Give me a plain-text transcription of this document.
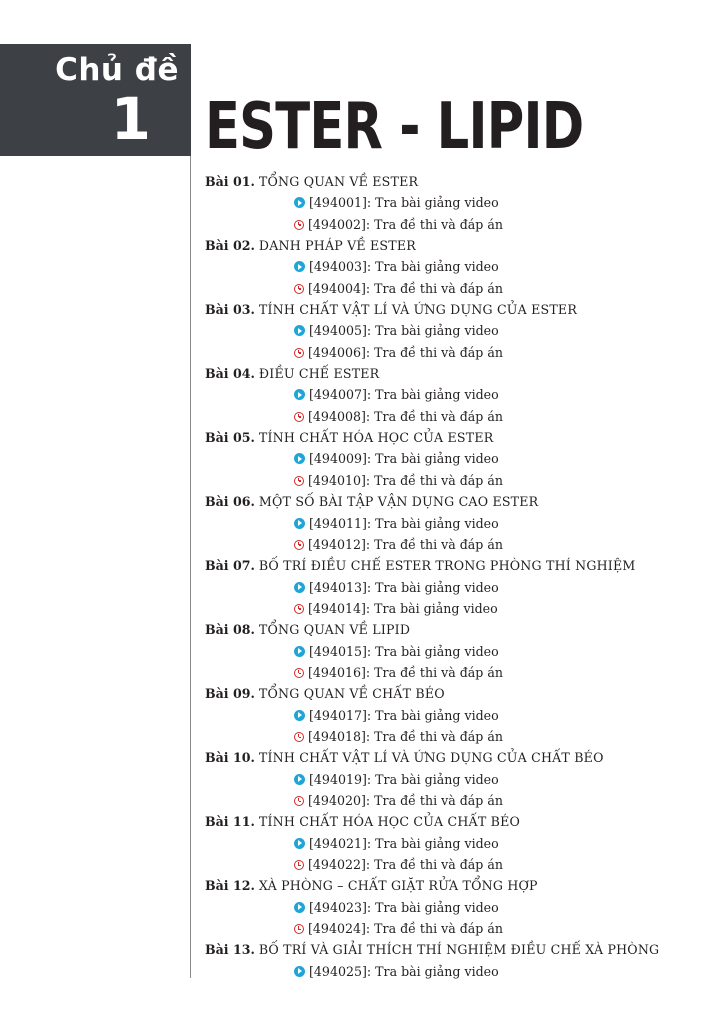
Chủ đề
1 ESTER - LIPID
Bài 01. TỔNG QUAN VỀ ESTER
[494001]: Tra bài giảng video
[494002]: Tra đề thi và đáp án
Bài 02. DANH PHÁP VỀ ESTER
[494003]: Tra bài giảng video
[494004]: Tra đề thi và đáp án
Bài 03. TÍNH CHẤT VẬT LÍ VÀ ỨNG DỤNG CỦA ESTER
[494005]: Tra bài giảng video
[494006]: Tra đề thi và đáp án
Bài 04. ĐIỀU CHẾ ESTER
[494007]: Tra bài giảng video
[494008]: Tra đề thi và đáp án
Bài 05. TÍNH CHẤT HÓA HỌC CỦA ESTER
[494009]: Tra bài giảng video
[494010]: Tra đề thi và đáp án
Bài 06. MỘT SỐ BÀI TẬP VẬN DỤNG CAO ESTER
[494011]: Tra bài giảng video
[494012]: Tra đề thi và đáp án
Bài 07. BỐ TRÍ ĐIỀU CHẾ ESTER TRONG PHÒNG THÍ NGHIỆM
[494013]: Tra bài giảng video
[494014]: Tra bài giảng video
Bài 08. TỔNG QUAN VỀ LIPID
[494015]: Tra bài giảng video
[494016]: Tra đề thi và đáp án
Bài 09. TỔNG QUAN VỀ CHẤT BÉO
[494017]: Tra bài giảng video
[494018]: Tra đề thi và đáp án
Bài 10. TÍNH CHẤT VẬT LÍ VÀ ỨNG DỤNG CỦA CHẤT BÉO
[494019]: Tra bài giảng video
[494020]: Tra đề thi và đáp án
Bài 11. TÍNH CHẤT HÓA HỌC CỦA CHẤT BÉO
[494021]: Tra bài giảng video
[494022]: Tra đề thi và đáp án
Bài 12. XÀ PHÒNG – CHẤT GIẶT RỬA TỔNG HỢP
[494023]: Tra bài giảng video
[494024]: Tra đề thi và đáp án
Bài 13. BỐ TRÍ VÀ GIẢI THÍCH THÍ NGHIỆM ĐIỀU CHẾ XÀ PHÒNG
[494025]: Tra bài giảng video
